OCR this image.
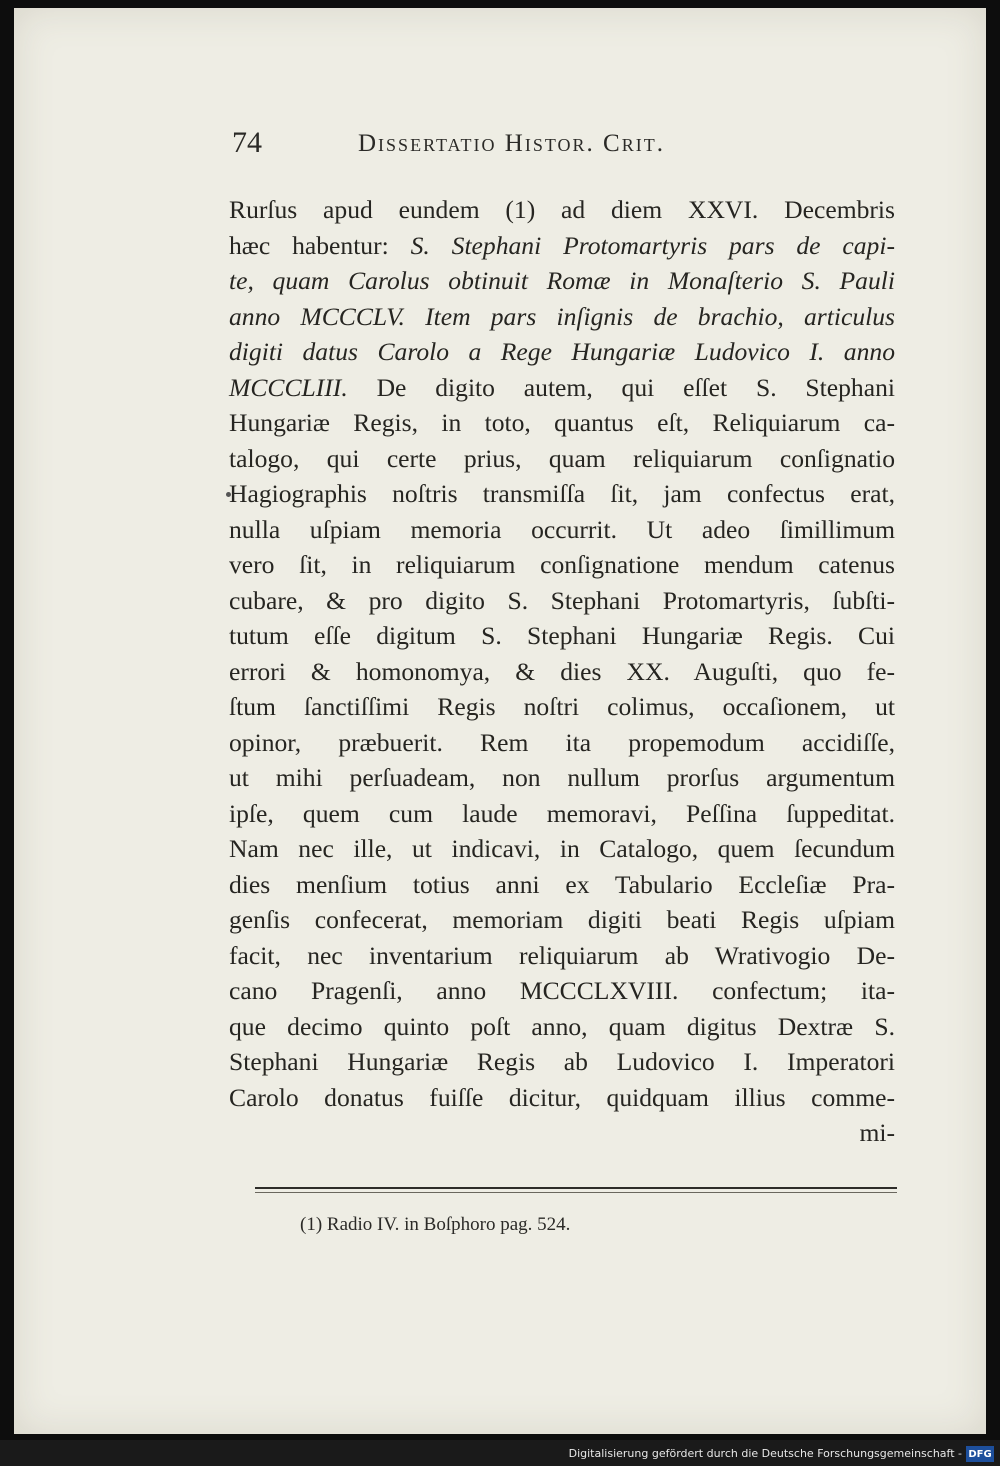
74	Dissertatio Histor. Crit.
Rurſus apud eundem (1) ad diem XXVI. Decembris
hæc habentur: S. Stephani Protomartyris pars de capi-
te, quam Carolus obtinuit Romæ in Monaſterio S. Pauli
anno MCCCLV. Item pars inſignis de brachio, articulus
digiti datus Carolo a Rege Hungariæ Ludovico I. anno
MCCCLIII. De digito autem, qui eſſet S. Stephani
Hungariæ Regis, in toto, quantus eſt, Reliquiarum ca-
talogo, qui certe prius, quam reliquiarum conſignatio
Hagiographis noſtris transmiſſa ſit, jam confectus erat,
nulla uſpiam memoria occurrit. Ut adeo ſimillimum
vero ſit, in reliquiarum conſignatione mendum catenus
cubare, & pro digito S. Stephani Protomartyris, ſubſti-
tutum eſſe digitum S. Stephani Hungariæ Regis. Cui
errori & homonomya, & dies XX. Auguſti, quo fe-
ſtum ſanctiſſimi Regis noſtri colimus, occaſionem, ut
opinor, præbuerit. Rem ita propemodum accidiſſe,
ut mihi perſuadeam, non nullum prorſus argumentum
ipſe, quem cum laude memoravi, Peſſina ſuppeditat.
Nam nec ille, ut indicavi, in Catalogo, quem ſecundum
dies menſium totius anni ex Tabulario Eccleſiæ Pra-
genſis confecerat, memoriam digiti beati Regis uſpiam
facit, nec inventarium reliquiarum ab Wrativogio De-
cano Pragenſi, anno MCCCLXVIII. confectum; ita-
que decimo quinto poſt anno, quam digitus Dextræ S.
Stephani Hungariæ Regis ab Ludovico I. Imperatori
Carolo donatus fuiſſe dicitur, quidquam illius comme-
mi-
(1) Radio IV. in Boſphoro pag. 524.
Digitalisierung gefördert durch die Deutsche Forschungsgemeinschaft - DFG
